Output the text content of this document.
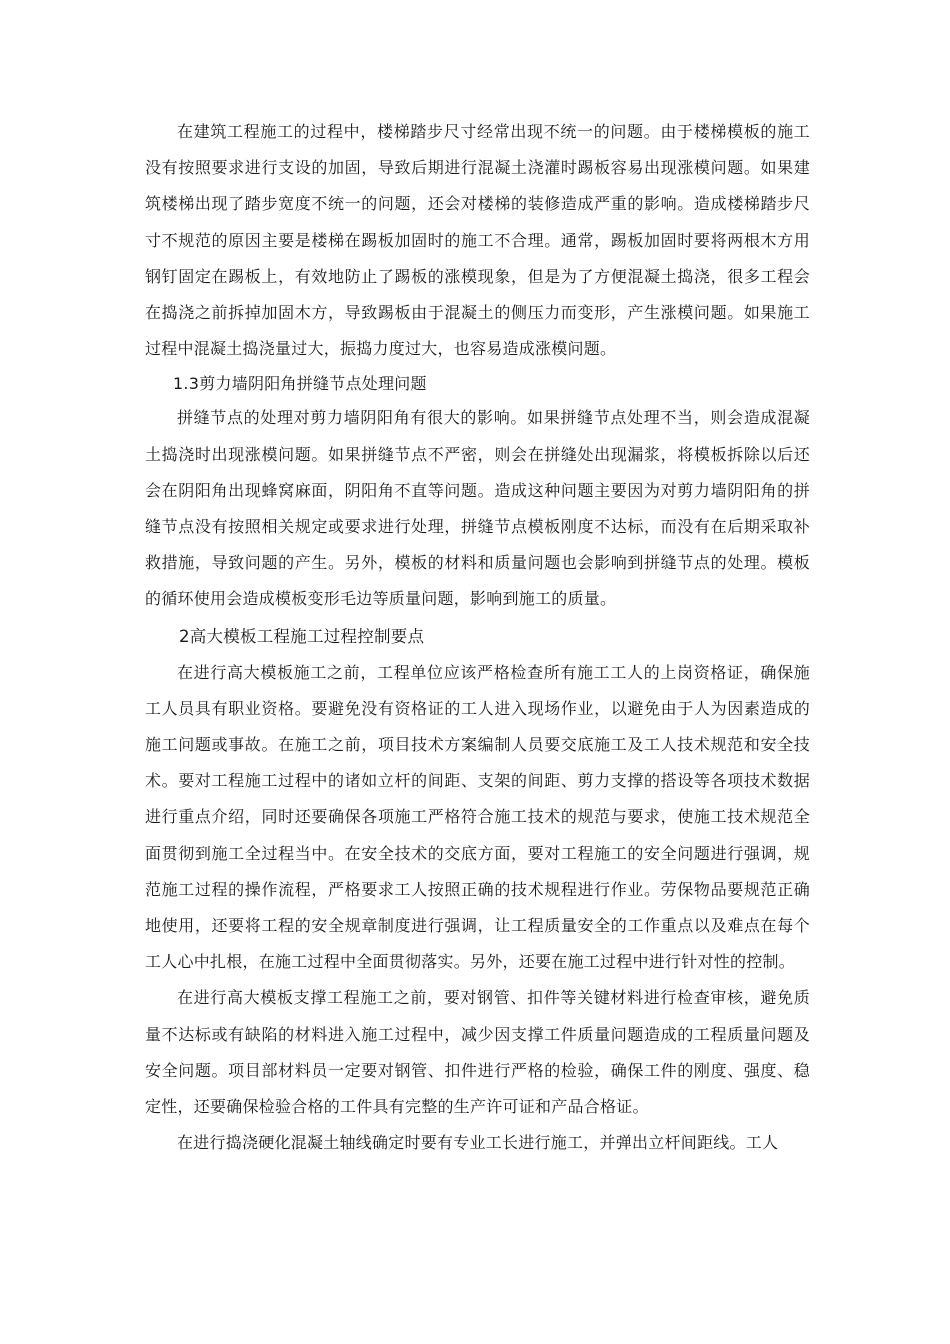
在建筑工程施工的过程中，楼梯踏步尺寸经常出现不统一的问题。由于楼梯模板的施工没有按照要求进行支设的加固，导致后期进行混凝土浇灌时踢板容易出现涨模问题。如果建筑楼梯出现了踏步宽度不统一的问题，还会对楼梯的装修造成严重的影响。造成楼梯踏步尺寸不规范的原因主要是楼梯在踢板加固时的施工不合理。通常，踢板加固时要将两根木方用钢钉固定在踢板上，有效地防止了踢板的涨模现象，但是为了方便混凝土捣浇，很多工程会在捣浇之前拆掉加固木方，导致踢板由于混凝土的侧压力而变形，产生涨模问题。如果施工过程中混凝土捣浇量过大，振捣力度过大，也容易造成涨模问题。

1.3剪力墙阴阳角拼缝节点处理问题

拼缝节点的处理对剪力墙阴阳角有很大的影响。如果拼缝节点处理不当，则会造成混凝土捣浇时出现涨模问题。如果拼缝节点不严密，则会在拼缝处出现漏浆，将模板拆除以后还会在阴阳角出现蜂窝麻面，阴阳角不直等问题。造成这种问题主要因为对剪力墙阴阳角的拼缝节点没有按照相关规定或要求进行处理，拼缝节点模板刚度不达标，而没有在后期采取补救措施，导致问题的产生。另外，模板的材料和质量问题也会影响到拼缝节点的处理。模板的循环使用会造成模板变形毛边等质量问题，影响到施工的质量。

2高大模板工程施工过程控制要点

在进行高大模板施工之前，工程单位应该严格检查所有施工工人的上岗资格证，确保施工人员具有职业资格。要避免没有资格证的工人进入现场作业，以避免由于人为因素造成的施工问题或事故。在施工之前，项目技术方案编制人员要交底施工及工人技术规范和安全技术。要对工程施工过程中的诸如立杆的间距、支架的间距、剪力支撑的搭设等各项技术数据进行重点介绍，同时还要确保各项施工严格符合施工技术的规范与要求，使施工技术规范全面贯彻到施工全过程当中。在安全技术的交底方面，要对工程施工的安全问题进行强调，规范施工过程的操作流程，严格要求工人按照正确的技术规程进行作业。劳保物品要规范正确地使用，还要将工程的安全规章制度进行强调，让工程质量安全的工作重点以及难点在每个工人心中扎根，在施工过程中全面贯彻落实。另外，还要在施工过程中进行针对性的控制。

在进行高大模板支撑工程施工之前，要对钢管、扣件等关键材料进行检查审核，避免质量不达标或有缺陷的材料进入施工过程中，减少因支撑工件质量问题造成的工程质量问题及安全问题。项目部材料员一定要对钢管、扣件进行严格的检验，确保工件的刚度、强度、稳定性，还要确保检验合格的工件具有完整的生产许可证和产品合格证。

在进行捣浇硬化混凝土轴线确定时要有专业工长进行施工，并弹出立杆间距线。工人
